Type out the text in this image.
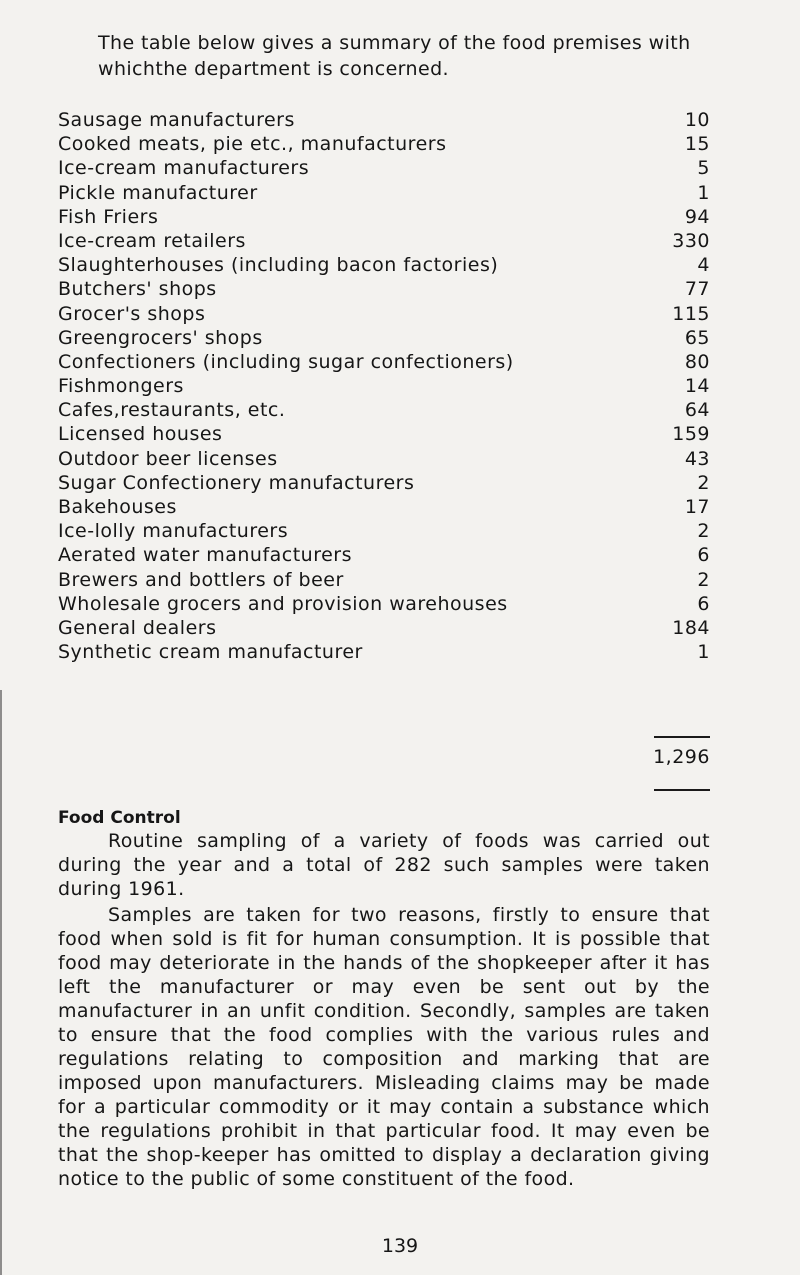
The table below gives a summary of the food premises with whichthe department is concerned.
Sausage manufacturers	10
Cooked meats, pie etc., manufacturers	15
Ice-cream manufacturers	5
Pickle manufacturer	1
Fish Friers	94
Ice-cream retailers	330
Slaughterhouses (including bacon factories)	4
Butchers' shops	77
Grocer's shops	115
Greengrocers' shops	65
Confectioners (including sugar confectioners)	80
Fishmongers	14
Cafes,restaurants, etc.	64
Licensed houses	159
Outdoor beer licenses	43
Sugar Confectionery manufacturers	2
Bakehouses	17
Ice-lolly manufacturers	2
Aerated water manufacturers	6
Brewers and bottlers of beer	2
Wholesale grocers and provision warehouses	6
General dealers	184
Synthetic cream manufacturer	1
1,296
Food Control

Routine sampling of a variety of foods was carried out during the year and a total of 282 such samples were taken during 1961.

Samples are taken for two reasons, firstly to ensure that food when sold is fit for human consumption. It is possible that food may deteriorate in the hands of the shopkeeper after it has left the manufacturer or may even be sent out by the manufacturer in an unfit condition. Secondly, samples are taken to ensure that the food complies with the various rules and regulations relating to composition and marking that are imposed upon manufacturers. Misleading claims may be made for a particular commodity or it may contain a substance which the regulations prohibit in that particular food. It may even be that the shop-keeper has omitted to display a declaration giving notice to the public of some constituent of the food.

139
